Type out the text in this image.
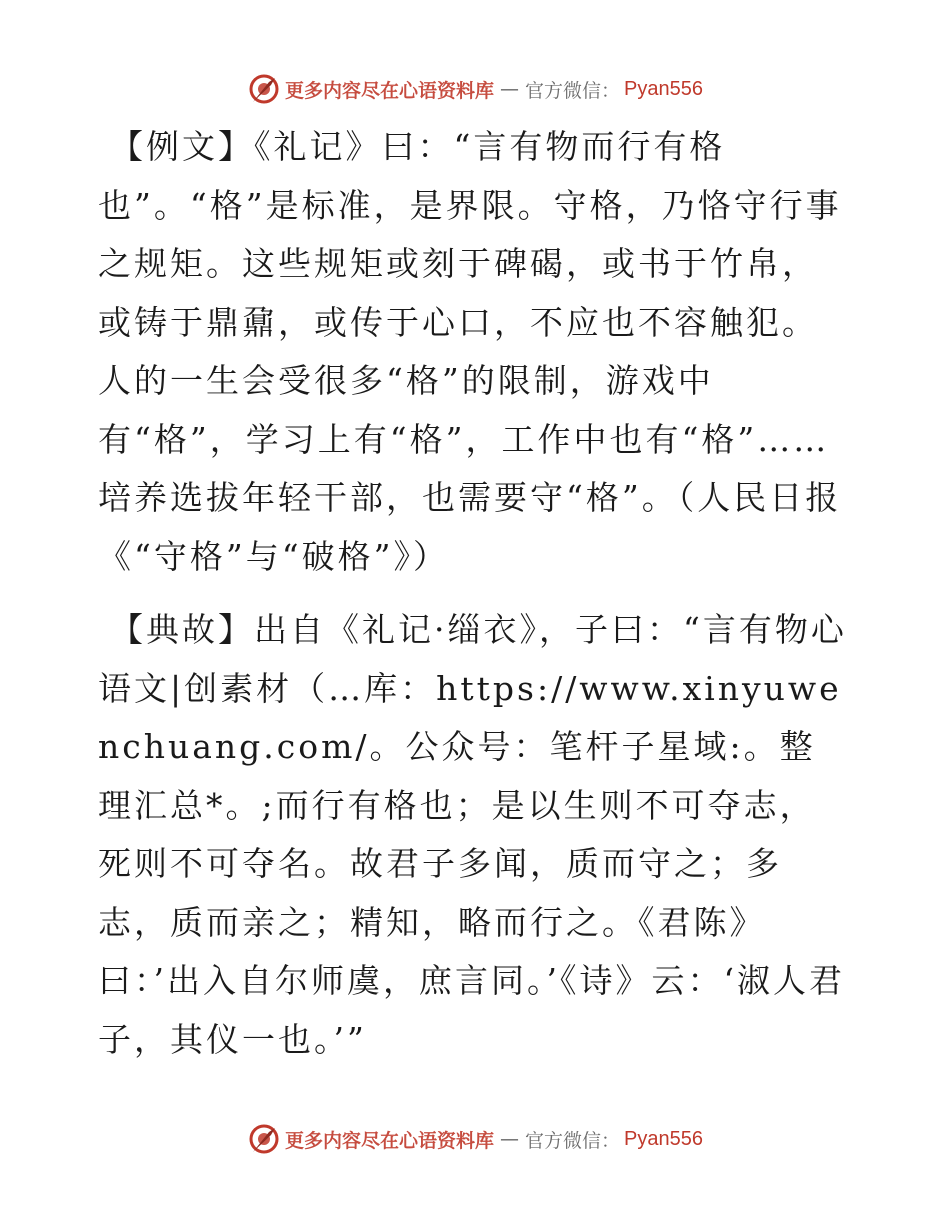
更多内容尽在心语资料库 — 官方微信： Pyan556

【例文】《礼记》曰：“言有物而行有格也”。“格”是标准，是界限。守格，乃恪守行事之规矩。这些规矩或刻于碑碣，或书于竹帛，或铸于鼎鼐，或传于心口，不应也不容触犯。人的一生会受很多“格”的限制，游戏中有“格”，学习上有“格”，工作中也有“格”……培养选拔年轻干部，也需要守“格”。（人民日报《“守格”与“破格”》）

【典故】出自《礼记·缁衣》，子曰：“言有物心语文|创素材（…库：https://www.xinyuwenchuang.com/。公众号：笔杆子星域:。整理汇总*。;而行有格也；是以生则不可夺志，死则不可夺名。故君子多闻，质而守之；多志，质而亲之；精知，略而行之。《君陈》曰：’出入自尔师虞，庶言同。’《诗》云：‘淑人君子，其仪一也。’”

更多内容尽在心语资料库 — 官方微信： Pyan556
